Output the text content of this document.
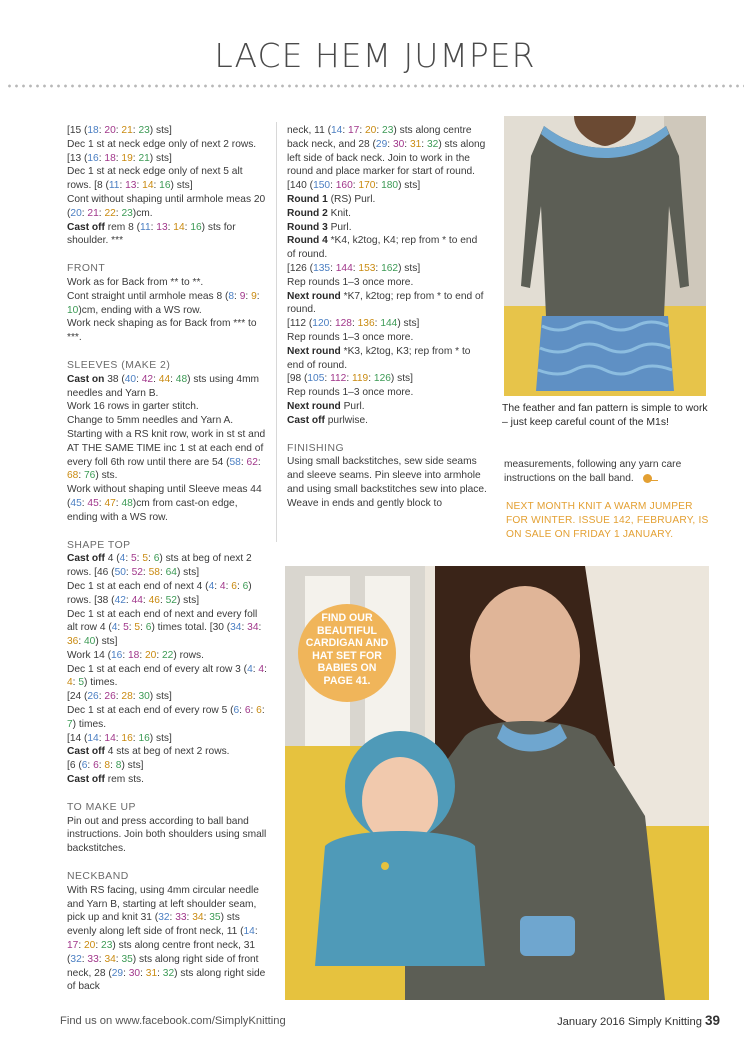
LACE HEM JUMPER

[15 (18: 20: 21: 23) sts]

Dec 1 st at neck edge only of next 2 rows. [13 (16: 18: 19: 21) sts]

Dec 1 st at neck edge only of next 5 alt rows. [8 (11: 13: 14: 16) sts]

Cont without shaping until armhole meas 20 (20: 21: 22: 23)cm.

Cast off rem 8 (11: 13: 14: 16) sts for shoulder. ***

FRONT

Work as for Back from ** to **.

Cont straight until armhole meas 8 (8: 9: 9: 10)cm, ending with a WS row.

Work neck shaping as for Back from *** to ***.

SLEEVES (MAKE 2)

Cast on 38 (40: 42: 44: 48) sts using 4mm needles and Yarn B.

Work 16 rows in garter stitch.

Change to 5mm needles and Yarn A. Starting with a RS knit row, work in st st and AT THE SAME TIME inc 1 st at each end of every foll 6th row until there are 54 (58: 62: 68: 76) sts.

Work without shaping until Sleeve meas 44 (45: 45: 47: 48)cm from cast-on edge, ending with a WS row.

SHAPE TOP

Cast off 4 (4: 5: 5: 6) sts at beg of next 2 rows. [46 (50: 52: 58: 64) sts]

Dec 1 st at each end of next 4 (4: 4: 6: 6) rows. [38 (42: 44: 46: 52) sts]

Dec 1 st at each end of next and every foll alt row 4 (4: 5: 5: 6) times total. [30 (34: 34: 36: 40) sts]

Work 14 (16: 18: 20: 22) rows.

Dec 1 st at each end of every alt row 3 (4: 4: 4: 5) times.

[24 (26: 26: 28: 30) sts]

Dec 1 st at each end of every row 5 (6: 6: 6: 7) times.

[14 (14: 14: 16: 16) sts]

Cast off 4 sts at beg of next 2 rows.

[6 (6: 6: 8: 8) sts]

Cast off rem sts.

TO MAKE UP

Pin out and press according to ball band instructions. Join both shoulders using small backstitches.

NECKBAND

With RS facing, using 4mm circular needle and Yarn B, starting at left shoulder seam, pick up and knit 31 (32: 33: 34: 35) sts evenly along left side of front neck, 11 (14: 17: 20: 23) sts along centre front neck, 31 (32: 33: 34: 35) sts along right side of front neck, 28 (29: 30: 31: 32) sts along right side of back

neck, 11 (14: 17: 20: 23) sts along centre back neck, and 28 (29: 30: 31: 32) sts along left side of back neck. Join to work in the round and place marker for start of round.

[140 (150: 160: 170: 180) sts]

Round 1 (RS) Purl.

Round 2 Knit.

Round 3 Purl.

Round 4 *K4, k2tog, K4; rep from * to end of round.

[126 (135: 144: 153: 162) sts]

Rep rounds 1–3 once more.

Next round *K7, k2tog; rep from * to end of round.

[112 (120: 128: 136: 144) sts]

Rep rounds 1–3 once more.

Next round *K3, k2tog, K3; rep from * to end of round.

[98 (105: 112: 119: 126) sts]

Rep rounds 1–3 once more.

Next round Purl.

Cast off purlwise.

FINISHING

Using small backstitches, sew side seams and sleeve seams. Pin sleeve into armhole and using small backstitches sew into place.

Weave in ends and gently block to

measurements, following any yarn care instructions on the ball band.

The feather and fan pattern is simple to work – just keep careful count of the M1s!
NEXT MONTH KNIT A WARM JUMPER FOR WINTER. ISSUE 142, FEBRUARY, IS ON SALE ON FRIDAY 1 JANUARY.
FIND OUR
BEAUTIFUL
CARDIGAN AND
HAT SET FOR
BABIES ON
PAGE 41.
Find us on www.facebook.com/SimplyKnitting	January 2016 Simply Knitting 39
